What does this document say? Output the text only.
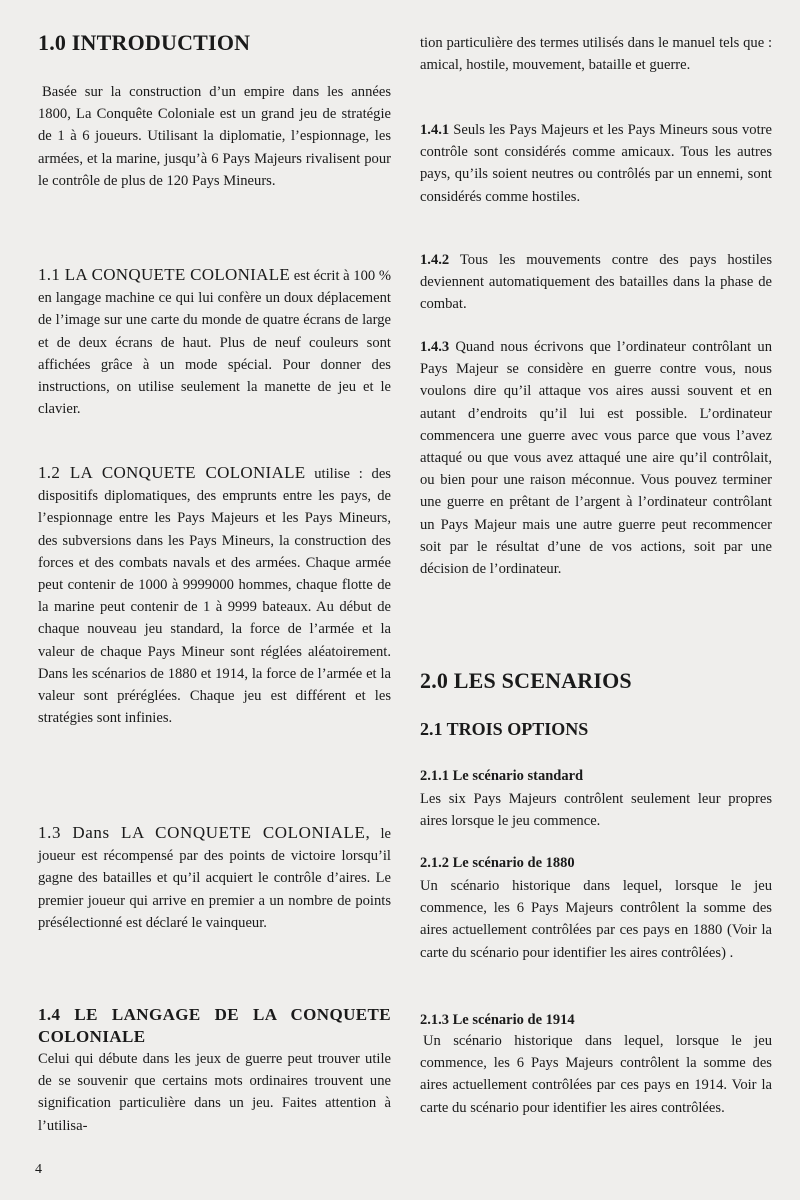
1.0 INTRODUCTION

Basée sur la construction d’un empire dans les années 1800, La Conquête Coloniale est un grand jeu de stratégie de 1 à 6 joueurs. Utilisant la diplomatie, l’espionnage, les armées, et la marine, jusqu’à 6 Pays Majeurs rivalisent pour le contrôle de plus de 120 Pays Mineurs.

1.1 LA CONQUETE COLONIALE est écrit à 100 % en langage machine ce qui lui confère un doux déplacement de l’image sur une carte du monde de quatre écrans de large et de deux écrans de haut. Plus de neuf couleurs sont affichées grâce à un mode spécial. Pour donner des instructions, on utilise seulement la manette de jeu et le clavier.

1.2 LA CONQUETE COLONIALE utilise : des dispositifs diplomatiques, des emprunts entre les pays, de l’espionnage entre les Pays Majeurs et les Pays Mineurs, des subversions dans les Pays Mineurs, la construction des forces et des combats navals et des armées. Chaque armée peut contenir de 1000 à 9999000 hommes, chaque flotte de la marine peut contenir de 1 à 9999 bateaux. Au début de chaque nouveau jeu standard, la force de l’armée et la valeur de chaque Pays Mineur sont réglées aléatoirement. Dans les scénarios de 1880 et 1914, la force de l’armée et la valeur sont préréglées. Chaque jeu est différent et les stratégies sont infinies.

1.3 Dans LA CONQUETE COLONIALE, le joueur est récompensé par des points de victoire lorsqu’il gagne des batailles et qu’il acquiert le contrôle d’aires. Le premier joueur qui arrive en premier a un nombre de points présélectionné est déclaré le vainqueur.

1.4 LE LANGAGE DE LA CONQUETE COLONIALE

Celui qui débute dans les jeux de guerre peut trouver utile de se souvenir que certains mots ordinaires trouvent une signification particulière dans un jeu. Faites attention à l’utilisa-

tion particulière des termes utilisés dans le manuel tels que : amical, hostile, mouvement, bataille et guerre.

1.4.1 Seuls les Pays Majeurs et les Pays Mineurs sous votre contrôle sont considérés comme amicaux. Tous les autres pays, qu’ils soient neutres ou contrôlés par un ennemi, sont considérés comme hostiles.

1.4.2 Tous les mouvements contre des pays hostiles deviennent automatiquement des batailles dans la phase de combat.

1.4.3 Quand nous écrivons que l’ordinateur contrôlant un Pays Majeur se considère en guerre contre vous, nous voulons dire qu’il attaque vos aires aussi souvent et en autant d’endroits qu’il lui est possible. L’ordinateur commencera une guerre avec vous parce que vous l’avez attaqué ou que vous avez attaqué une aire qu’il contrôlait, ou bien pour une raison méconnue. Vous pouvez terminer une guerre en prêtant de l’argent à l’ordinateur contrôlant un Pays Majeur mais une autre guerre peut recommencer soit par le résultat d’une de vos actions, soit par une décision de l’ordinateur.

2.0 LES SCENARIOS
2.1 TROIS OPTIONS
2.1.1 Le scénario standard

Les six Pays Majeurs contrôlent seulement leur propres aires lorsque le jeu commence.

2.1.2 Le scénario de 1880

Un scénario historique dans lequel, lorsque le jeu commence, les 6 Pays Majeurs contrôlent la somme des aires actuellement contrôlées par ces pays en 1880 (Voir la carte du scénario pour identifier les aires contrôlées) .

2.1.3 Le scénario de 1914

Un scénario historique dans lequel, lorsque le jeu commence, les 6 Pays Majeurs contrôlent la somme des aires actuellement contrôlées par ces pays en 1914. Voir la carte du scénario pour identifier les aires contrôlées.

4
